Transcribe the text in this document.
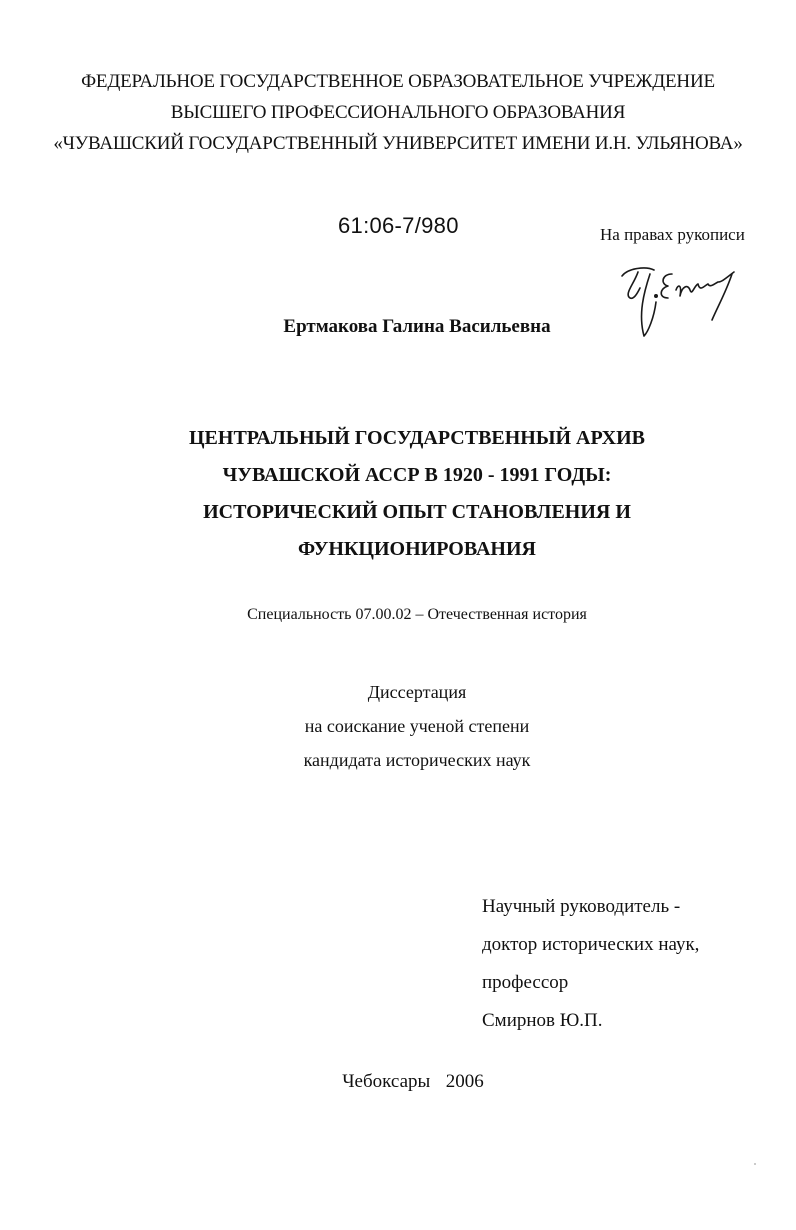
ФЕДЕРАЛЬНОЕ ГОСУДАРСТВЕННОЕ ОБРАЗОВАТЕЛЬНОЕ УЧРЕЖДЕНИЕ
ВЫСШЕГО ПРОФЕССИОНАЛЬНОГО ОБРАЗОВАНИЯ
«ЧУВАШСКИЙ ГОСУДАРСТВЕННЫЙ УНИВЕРСИТЕТ ИМЕНИ И.Н. УЛЬЯНОВА»
61:06-7/980	На правах рукописи
Ертмакова Галина Васильевна
ЦЕНТРАЛЬНЫЙ ГОСУДАРСТВЕННЫЙ АРХИВ
ЧУВАШСКОЙ АССР В 1920 - 1991 ГОДЫ:
ИСТОРИЧЕСКИЙ ОПЫТ СТАНОВЛЕНИЯ И
ФУНКЦИОНИРОВАНИЯ
Специальность 07.00.02 – Отечественная история
Диссертация
на соискание ученой степени
кандидата исторических наук
Научный руководитель -
доктор исторических наук,
профессор
Смирнов Ю.П.
Чебоксары  2006
